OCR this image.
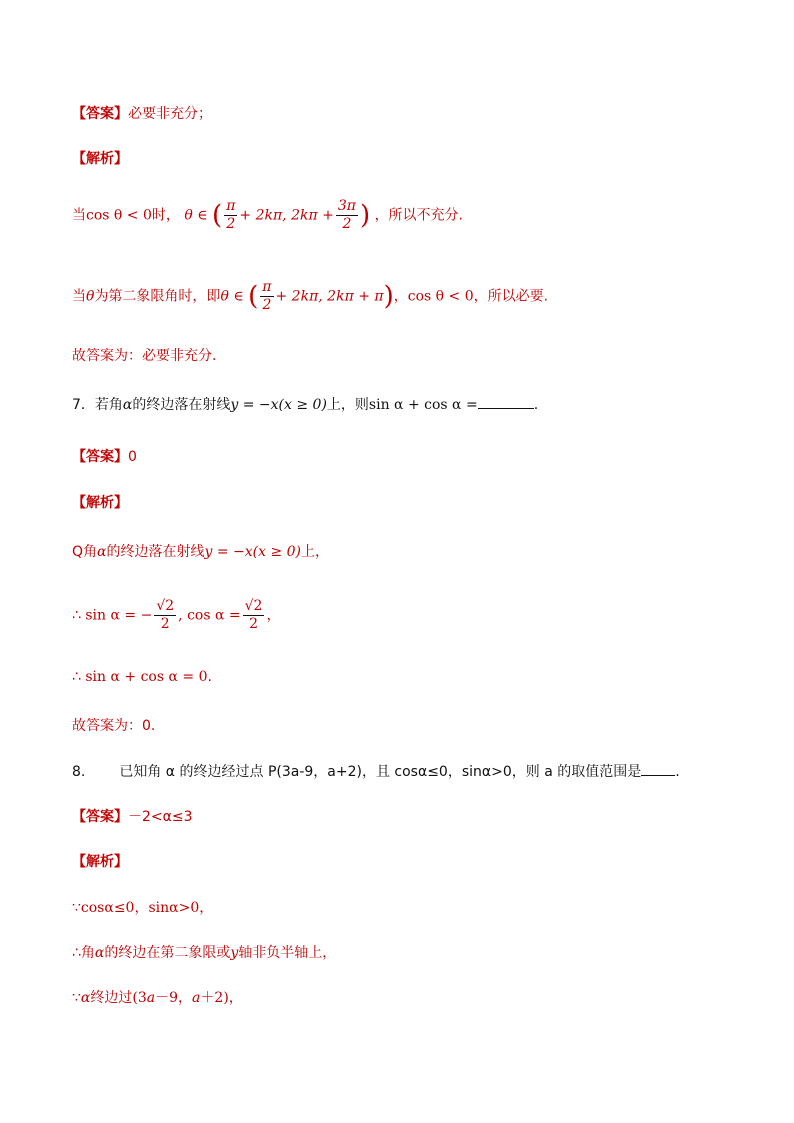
【答案】必要非充分；
【解析】
当cos θ < 0时， θ ∈ ( $\frac{\pi}{2} + 2k\pi$, $2k\pi + \frac{3\pi}{2}$ ) ，所以不充分.
当θ为第二象限角时，即θ ∈ ( $\frac{\pi}{2} + 2k\pi$, 2kπ + π)，cos θ < 0，所以必要.
故答案为：必要非充分.
7．若角α的终边落在射线y = −x(x ≥ 0)上，则sin α + cos α =	.
【答案】0
【解析】
Q角α的终边落在射线y = −x(x ≥ 0)上，
∴ sin α = − $\frac{√2}{2}$ , $\cos \alpha = \frac{√2}{2}$ ，
∴ sin α + cos α = 0.
故答案为：0.
8. 已知角 α 的终边经过点 P(3a-9，a+2)，且 cosα≤0，sinα>0，则 a 的取值范围是 .
【答案】－2<α≤3
【解析】
∵cosα≤0，sinα>0，
∴角α的终边在第二象限或y轴非负半轴上，
∵α终边过(3a－9，a＋2)，
